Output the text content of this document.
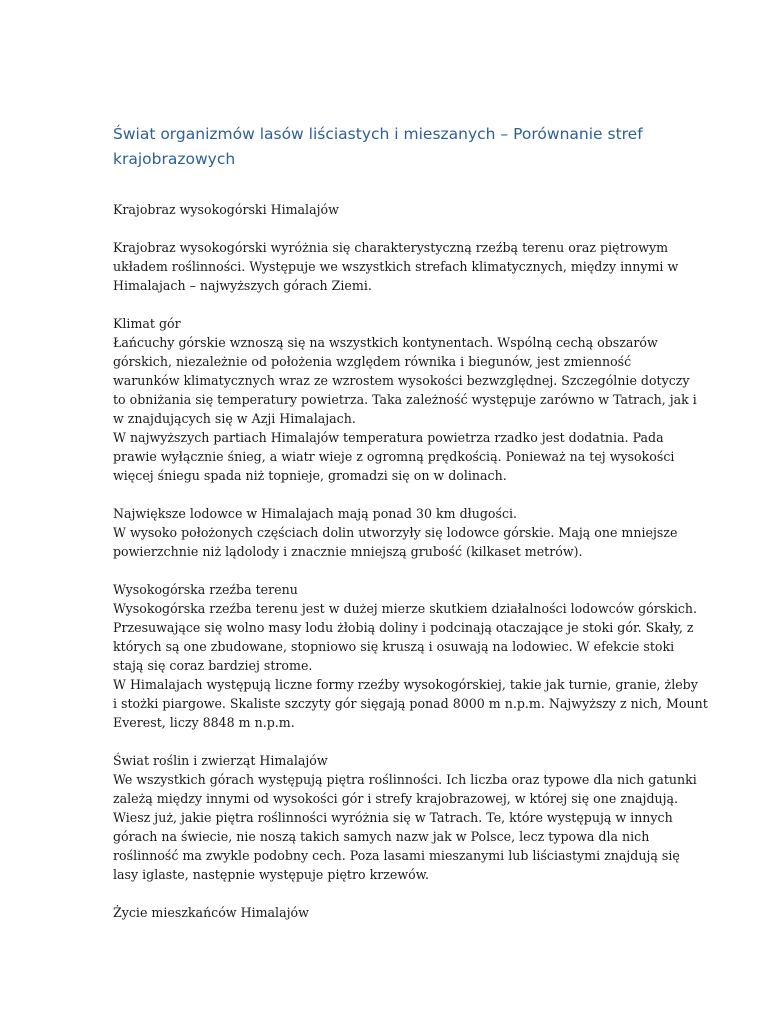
Świat organizmów lasów liściastych i mieszanych – Porównanie stref
krajobrazowych

Krajobraz wysokogórski Himalajów

Krajobraz wysokogórski wyróżnia się charakterystyczną rzeźbą terenu oraz piętrowym
układem roślinności. Występuje we wszystkich strefach klimatycznych, między innymi w
Himalajach – najwyższych górach Ziemi.

Klimat gór
Łańcuchy górskie wznoszą się na wszystkich kontynentach. Wspólną cechą obszarów
górskich, niezależnie od położenia względem równika i biegunów, jest zmienność
warunków klimatycznych wraz ze wzrostem wysokości bezwzględnej. Szczególnie dotyczy
to obniżania się temperatury powietrza. Taka zależność występuje zarówno w Tatrach, jak i
w znajdujących się w Azji Himalajach.
W najwyższych partiach Himalajów temperatura powietrza rzadko jest dodatnia. Pada
prawie wyłącznie śnieg, a wiatr wieje z ogromną prędkością. Ponieważ na tej wysokości
więcej śniegu spada niż topnieje, gromadzi się on w dolinach.

Największe lodowce w Himalajach mają ponad 30 km długości.
W wysoko położonych częściach dolin utworzyły się lodowce górskie. Mają one mniejsze
powierzchnie niż lądolody i znacznie mniejszą grubość (kilkaset metrów).

Wysokogórska rzeźba terenu
Wysokogórska rzeźba terenu jest w dużej mierze skutkiem działalności lodowców górskich.
Przesuwające się wolno masy lodu żłobią doliny i podcinają otaczające je stoki gór. Skały, z
których są one zbudowane, stopniowo się kruszą i osuwają na lodowiec. W efekcie stoki
stają się coraz bardziej strome.
W Himalajach występują liczne formy rzeźby wysokogórskiej, takie jak turnie, granie, żleby
i stożki piargowe. Skaliste szczyty gór sięgają ponad 8000 m n.p.m. Najwyższy z nich, Mount
Everest, liczy 8848 m n.p.m.

Świat roślin i zwierząt Himalajów
We wszystkich górach występują piętra roślinności. Ich liczba oraz typowe dla nich gatunki
zależą między innymi od wysokości gór i strefy krajobrazowej, w której się one znajdują.
Wiesz już, jakie piętra roślinności wyróżnia się w Tatrach. Te, które występują w innych
górach na świecie, nie noszą takich samych nazw jak w Polsce, lecz typowa dla nich
roślinność ma zwykle podobny cech. Poza lasami mieszanymi lub liściastymi znajdują się
lasy iglaste, następnie występuje piętro krzewów.

Życie mieszkańców Himalajów
